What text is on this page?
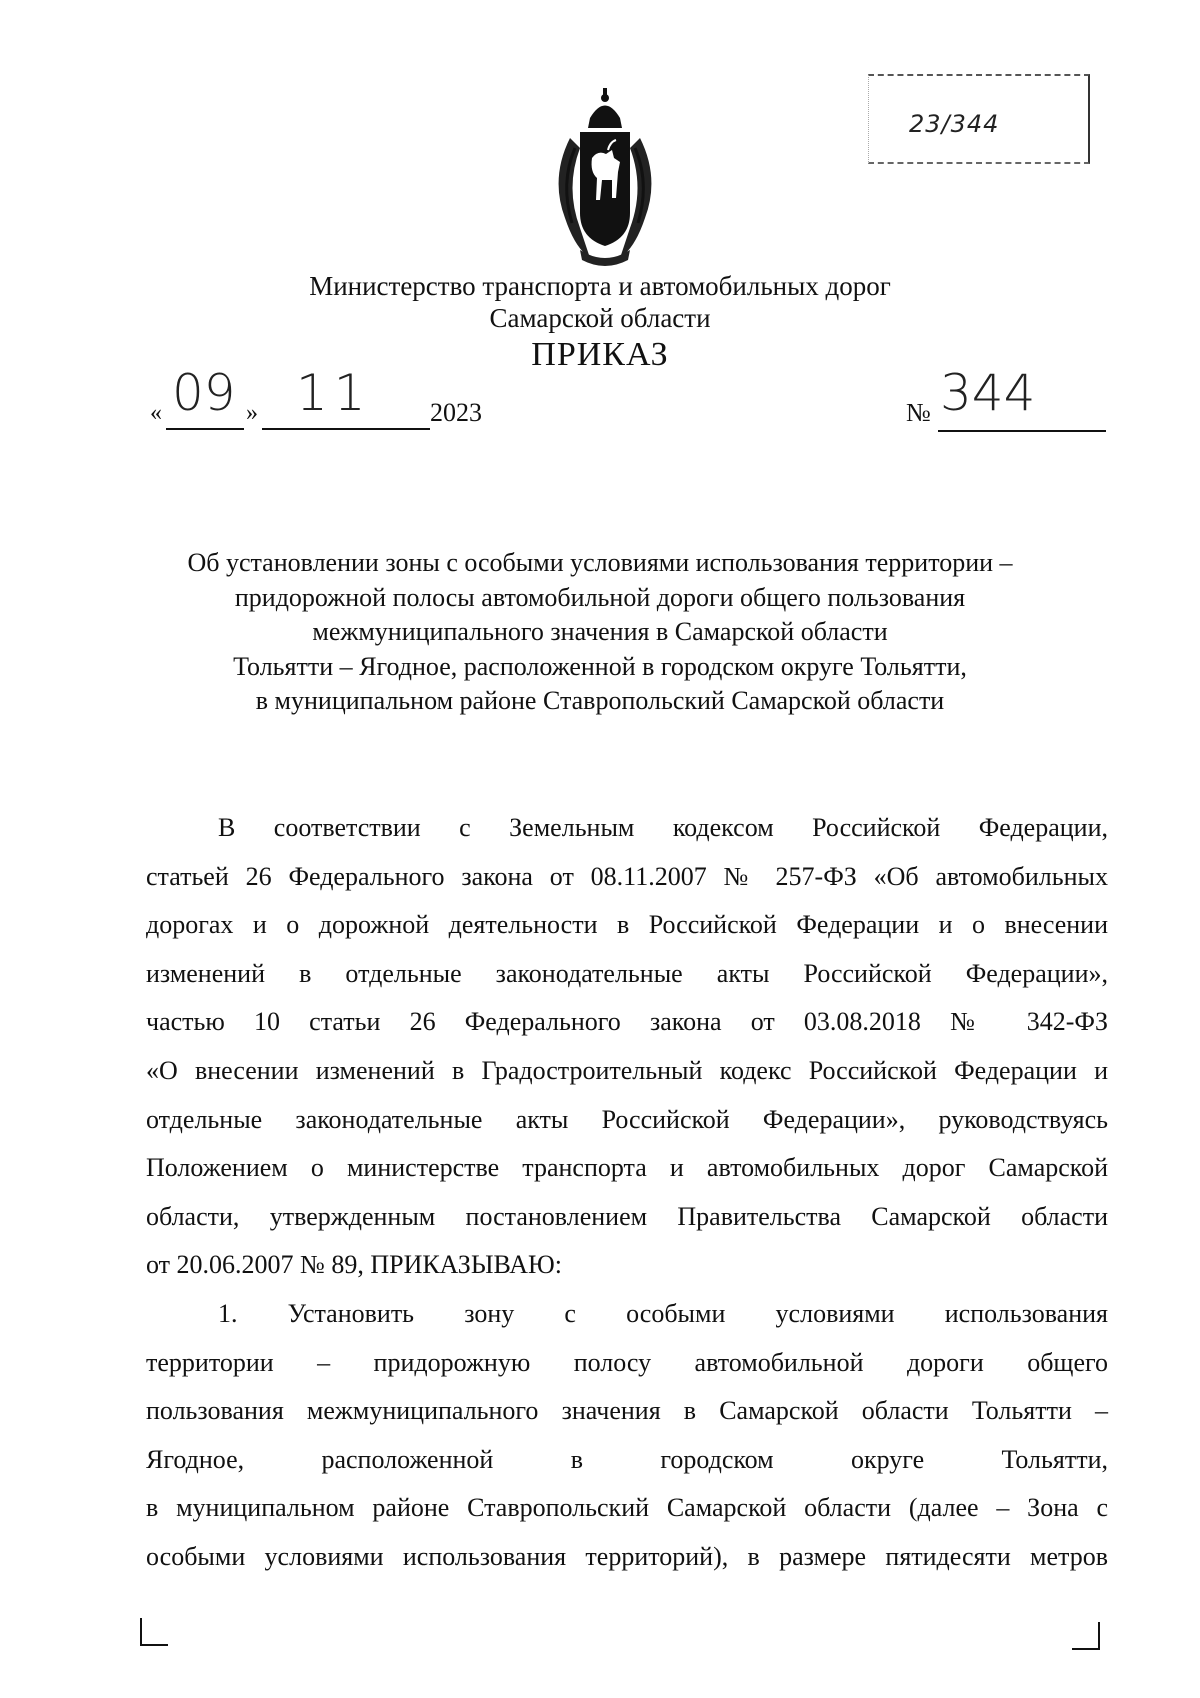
23/344
Министерство транспорта и автомобильных дорог
Самарской области
ПРИКАЗ
« 09 » 11 2023	№ 344
Об установлении зоны с особыми условиями использования территории –
придорожной полосы автомобильной дороги общего пользования
межмуниципального значения в Самарской области
Тольятти – Ягодное, расположенной в городском округе Тольятти,
в муниципальном районе Ставропольский Самарской области
В соответствии с Земельным кодексом Российской Федерации,
статьей 26 Федерального закона от 08.11.2007 № 257-ФЗ «Об автомобильных
дорогах и о дорожной деятельности в Российской Федерации и о внесении
изменений в отдельные законодательные акты Российской Федерации»,
частью 10 статьи 26 Федерального закона от 03.08.2018 № 342-ФЗ
«О внесении изменений в Градостроительный кодекс Российской Федерации и
отдельные законодательные акты Российской Федерации», руководствуясь
Положением о министерстве транспорта и автомобильных дорог Самарской
области, утвержденным постановлением Правительства Самарской области
от 20.06.2007 № 89, ПРИКАЗЫВАЮ:
1. Установить зону с особыми условиями использования
территории – придорожную полосу автомобильной дороги общего
пользования межмуниципального значения в Самарской области Тольятти –
Ягодное, расположенной в городском округе Тольятти,
в муниципальном районе Ставропольский Самарской области (далее – Зона с
особыми условиями использования территорий), в размере пятидесяти метров
